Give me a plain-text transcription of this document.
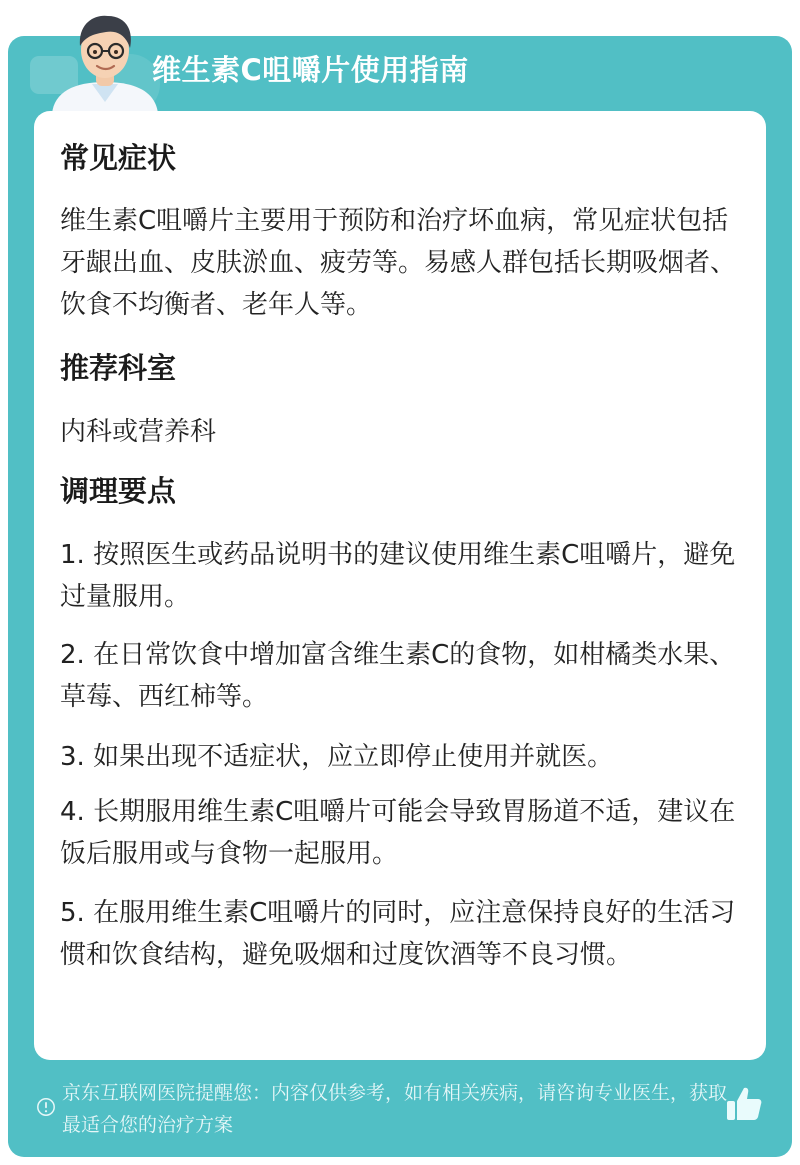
维生素C咀嚼片使用指南
常见症状
维生素C咀嚼片主要用于预防和治疗坏血病，常见症状包括牙龈出血、皮肤淤血、疲劳等。易感人群包括长期吸烟者、饮食不均衡者、老年人等。
推荐科室
内科或营养科
调理要点
1. 按照医生或药品说明书的建议使用维生素C咀嚼片，避免过量服用。
2. 在日常饮食中增加富含维生素C的食物，如柑橘类水果、草莓、西红柿等。
3. 如果出现不适症状，应立即停止使用并就医。
4. 长期服用维生素C咀嚼片可能会导致胃肠道不适，建议在饭后服用或与食物一起服用。
5. 在服用维生素C咀嚼片的同时，应注意保持良好的生活习惯和饮食结构，避免吸烟和过度饮酒等不良习惯。
京东互联网医院提醒您：内容仅供参考，如有相关疾病，请咨询专业医生，获取最适合您的治疗方案
